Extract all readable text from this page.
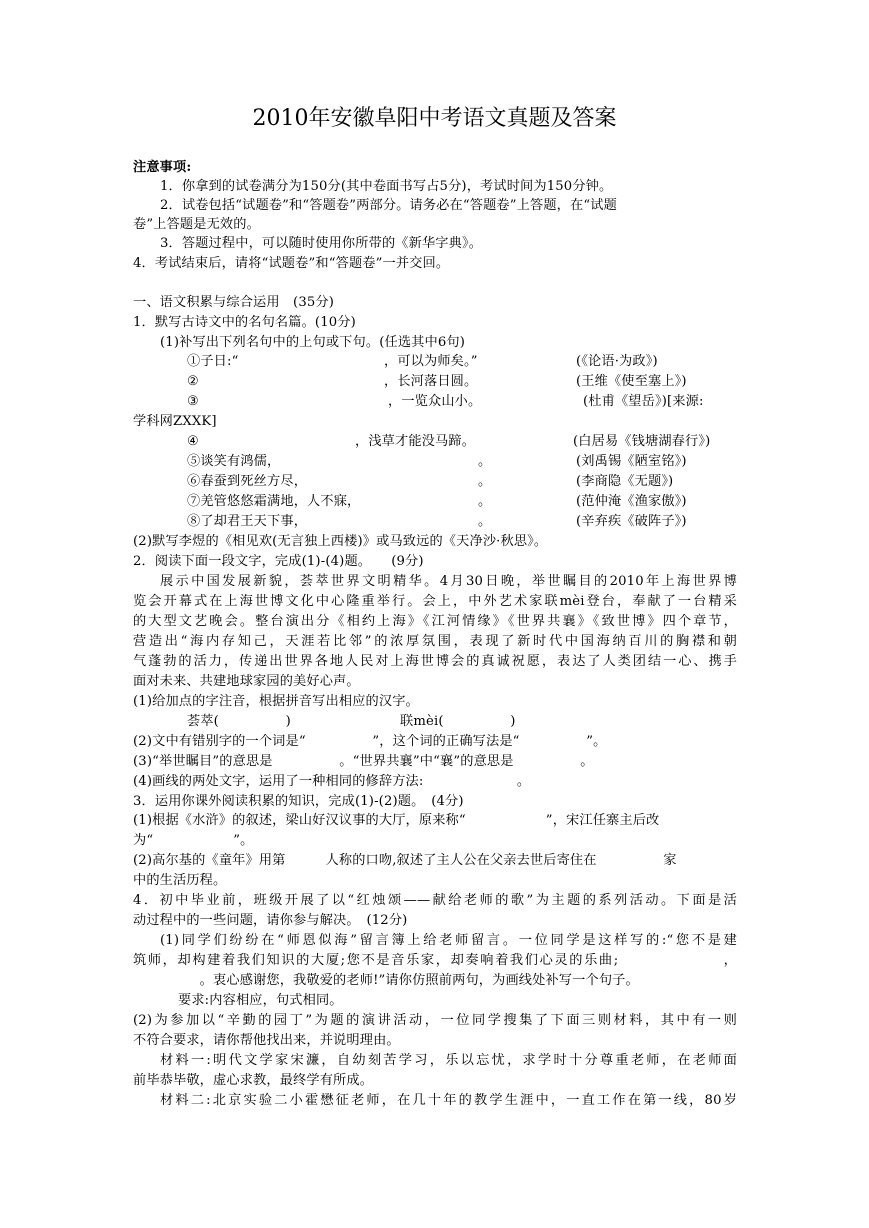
2010年安徽阜阳中考语文真题及答案
注意事项:
1．你拿到的试卷满分为150分(其中卷面书写占5分)，考试时间为150分钟。
2．试卷包括“试题卷”和“答题卷”两部分。请务必在“答题卷”上答题，在“试题
卷”上答题是无效的。
3．答题过程中，可以随时使用你所带的《新华字典》。
4．考试结束后，请将“试题卷”和“答题卷”一并交回。
一、语文积累与综合运用　(35分)
1．默写古诗文中的名句名篇。(10分)
(1)补写出下列名句中的上句或下句。(任选其中6句)
①子日:“	，可以为师矣。”	(《论语·为政》)
②	，长河落日圆。	(王维《使至塞上》)
③	，一览众山小。	(杜甫《望岳》)[来源:
学科网ZXXK]
④	，浅草才能没马蹄。	(白居易《钱塘湖春行》)
⑤谈笑有鸿儒，	。	(刘禹锡《陋室铭》)
⑥春蚕到死丝方尽，	。	(李商隐《无题》)
⑦羌管悠悠霜满地，人不寐，	。	(范仲淹《渔家傲》)
⑧了却君王天下事，	。	(辛弃疾《破阵子》)
(2)默写李煜的《相见欢(无言独上西楼)》或马致远的《天净沙·秋思》。
2．阅读下面一段文字，完成(1)-(4)题。　　(9分)
展示中国发展新貌，荟萃世界文明精华。4月30日晚，举世瞩目的2010年上海世界博
览会开幕式在上海世博文化中心隆重举行。会上，中外艺术家联mèi登台，奉献了一台精采
的大型文艺晚会。整台演出分《相约上海》《江河情缘》《世界共襄》《致世博》四个章节，
营造出“海内存知己，天涯若比邻”的浓厚氛围，表现了新时代中国海纳百川的胸襟和朝
气蓬勃的活力，传递出世界各地人民对上海世博会的真诚祝愿，表达了人类团结一心、携手
面对未来、共建地球家园的美好心声。
(1)给加点的字注音，根据拼音写出相应的汉字。
荟萃(　　　　　)	联mèi(　　　　　)
(2)文中有错别字的一个词是“　　　　　”，这个词的正确写法是“　　　　　”。
(3)“举世瞩目”的意思是　　　　　。“世界共襄”中“襄”的意思是　　　　　。
(4)画线的两处文字，运用了一种相同的修辞方法:　　　　　　　。
3．运用你课外阅读积累的知识，完成(1)-(2)题。　(4分)
(1)根据《水浒》的叙述，梁山好汉议事的大厅，原来称“　　　　　　”，宋江任寨主后改
为“　　　　　　”。
(2)高尔基的《童年》用第　　　人称的口吻,叙述了主人公在父亲去世后寄住在　　　　　家
中的生活历程。
4．初中毕业前，班级开展了以“红烛颂——献给老师的歌”为主题的系列活动。下面是活
动过程中的一些问题，请你参与解决。　(12分)
(1)同学们纷纷在“师恩似海”留言簿上给老师留言。一位同学是这样写的:“您不是建
筑师，却构建着我们知识的大厦;您不是音乐家，却奏响着我们心灵的乐曲;　　　　　　　，
　　　　　。衷心感谢您，我敬爱的老师!”请你仿照前两句，为画线处补写一个句子。
要求:内容相应，句式相同。
(2)为参加以“辛勤的园丁”为题的演讲活动，一位同学搜集了下面三则材料，其中有一则
不符合要求，请你帮他找出来，并说明理由。
材料一:明代文学家宋濂，自幼刻苦学习，乐以忘忧，求学时十分尊重老师，在老师面
前毕恭毕敬，虚心求教，最终学有所成。
材料二:北京实验二小霍懋征老师，在几十年的教学生涯中，一直工作在第一线，80岁
